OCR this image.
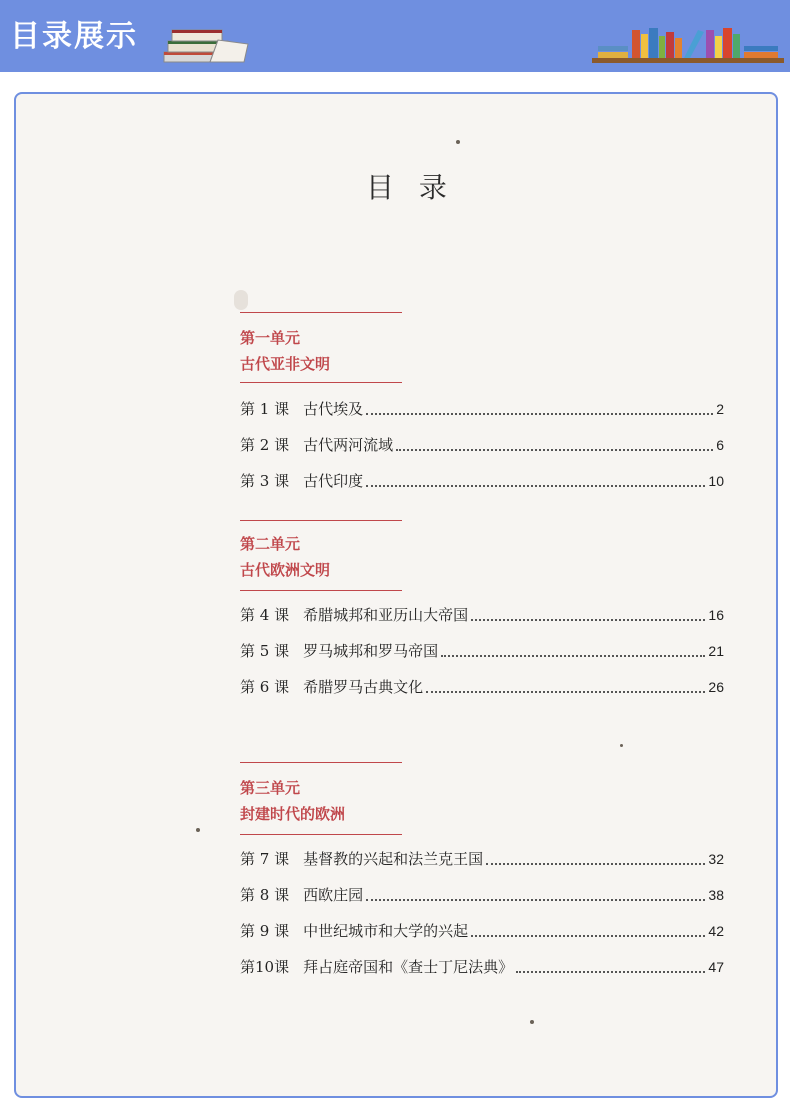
目录展示
目 录
第一单元
古代亚非文明
第 1 课 古代埃及	2
第 2 课 古代两河流域	6
第 3 课 古代印度	10
第二单元
古代欧洲文明
第 4 课 希腊城邦和亚历山大帝国	16
第 5 课 罗马城邦和罗马帝国	21
第 6 课 希腊罗马古典文化	26
第三单元
封建时代的欧洲
第 7 课 基督教的兴起和法兰克王国	32
第 8 课 西欧庄园	38
第 9 课 中世纪城市和大学的兴起	42
第10课 拜占庭帝国和《查士丁尼法典》	47
